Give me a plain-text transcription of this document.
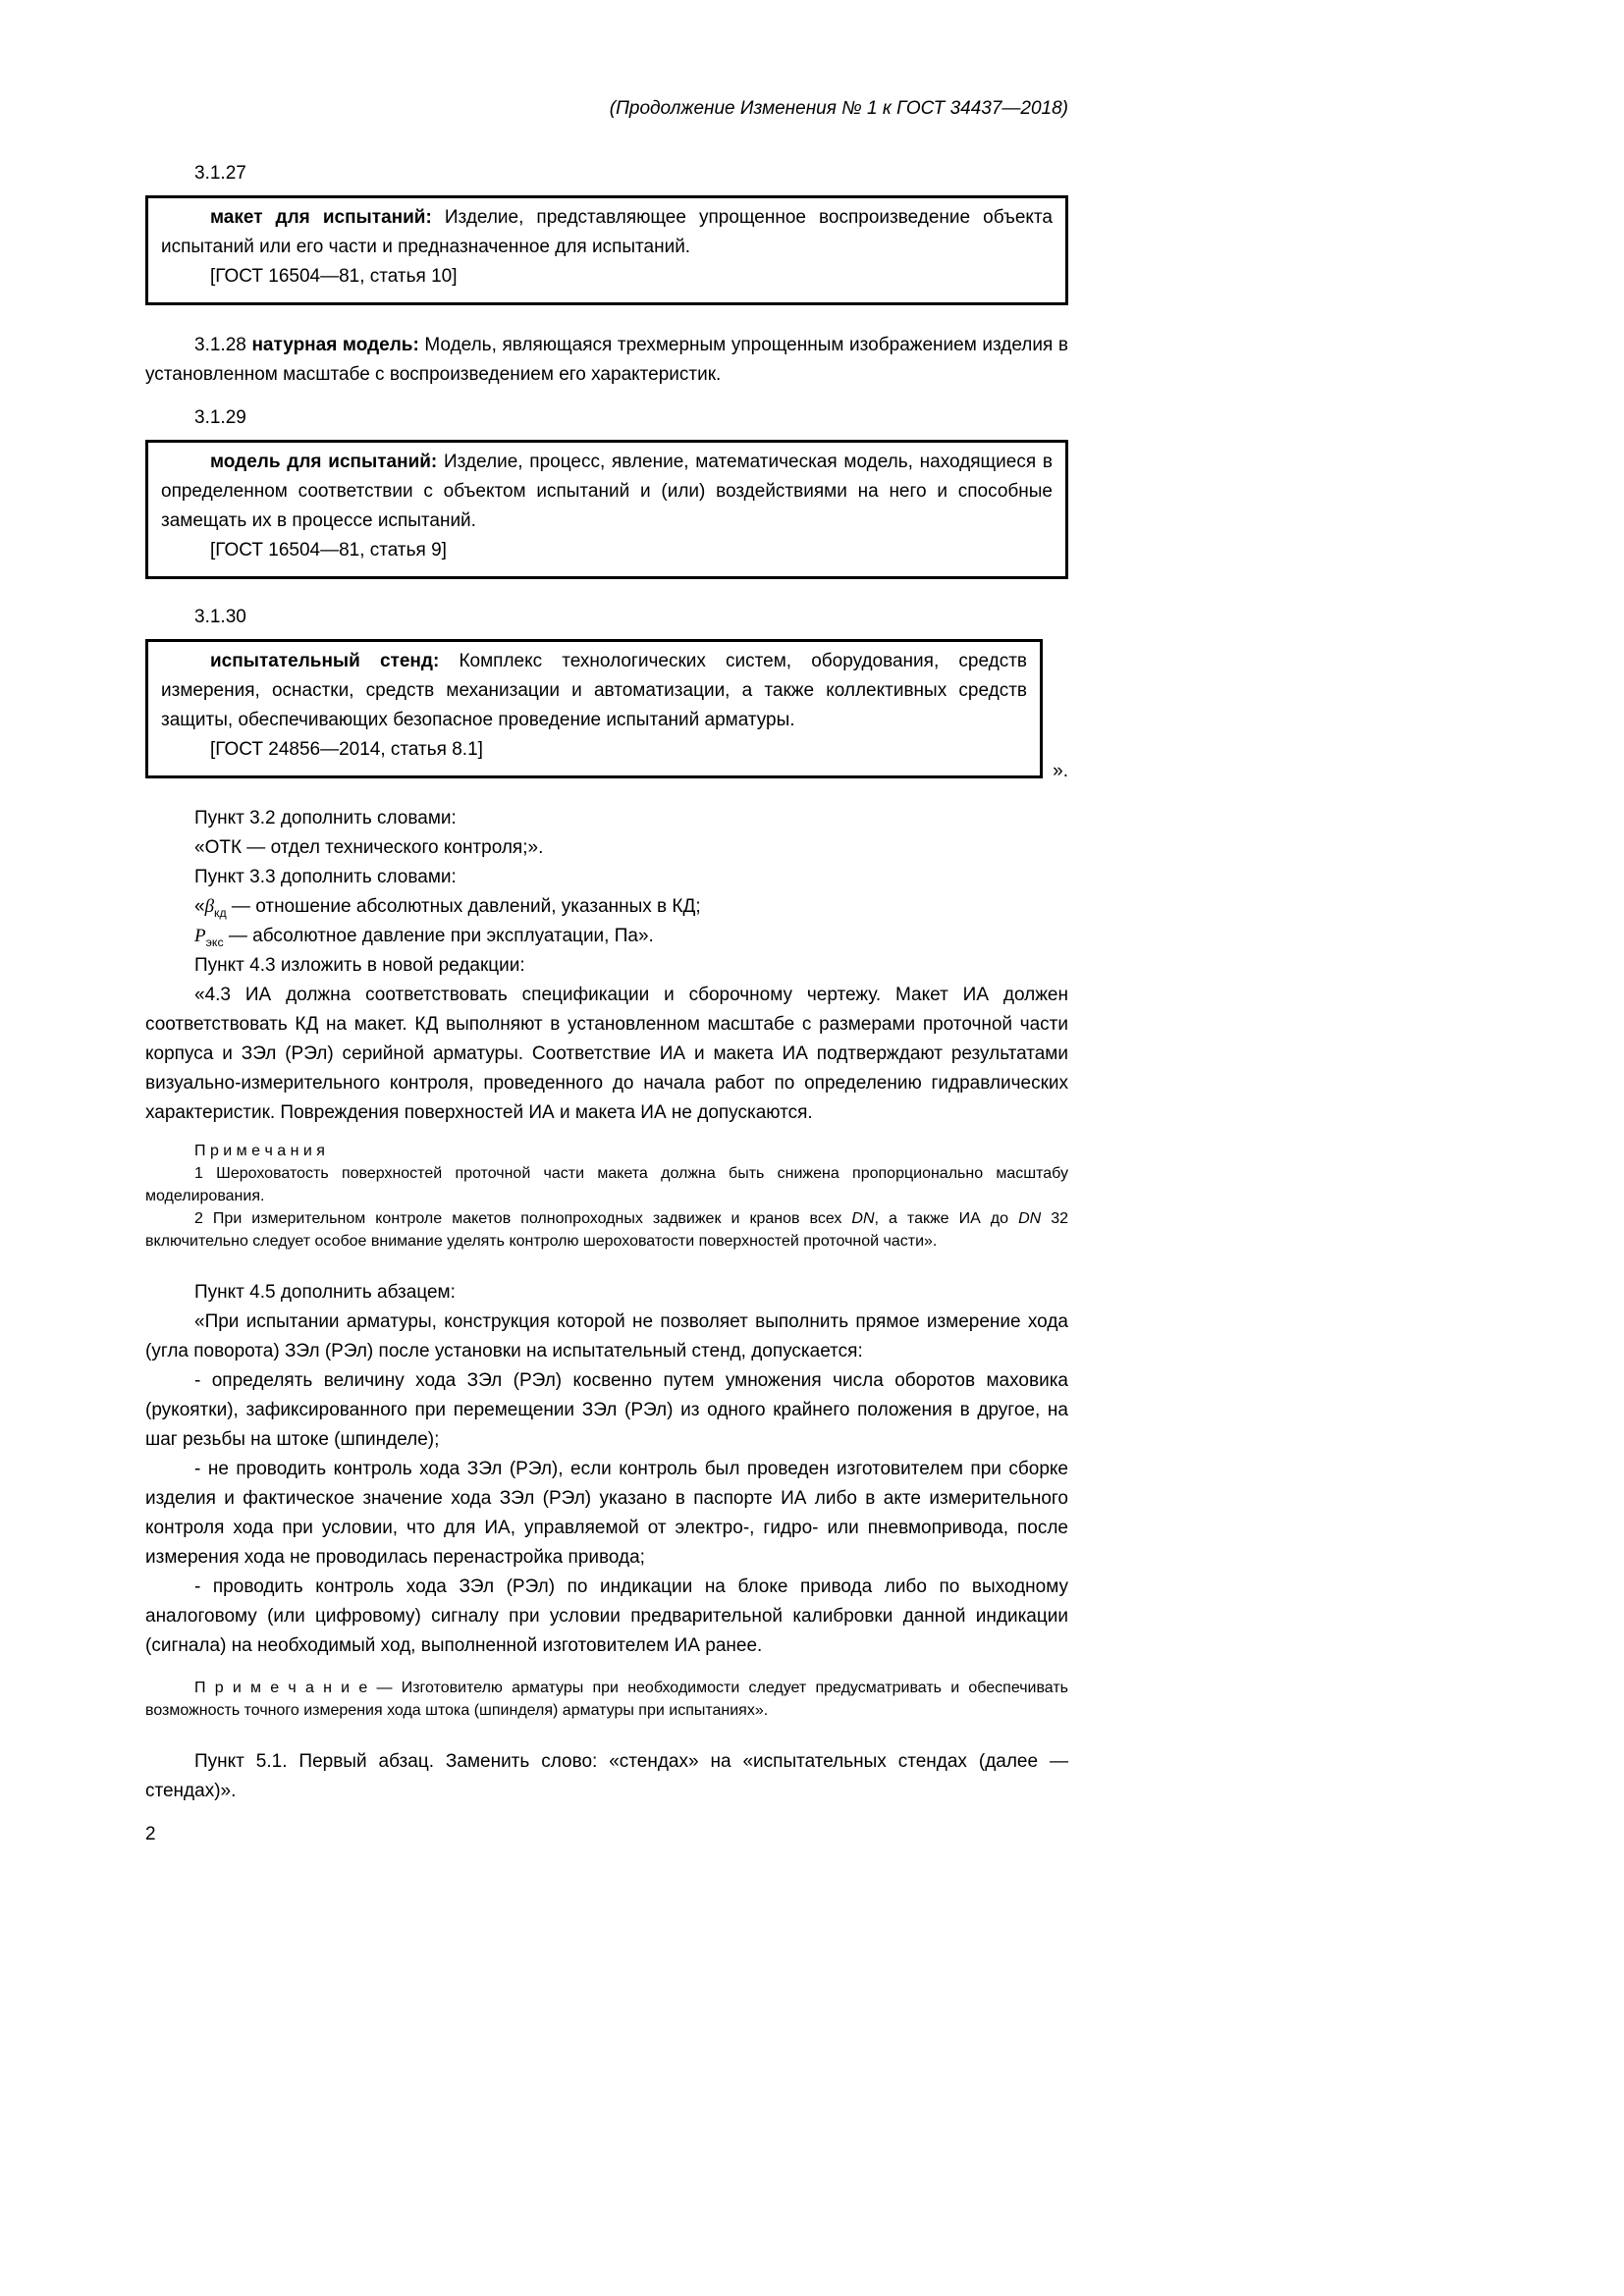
(Продолжение Изменения № 1 к ГОСТ 34437—2018)

3.1.27

макет для испытаний: Изделие, представляющее упрощенное воспроизведение объекта испытаний или его части и предназначенное для испытаний.

[ГОСТ 16504—81, статья 10]

3.1.28 натурная модель: Модель, являющаяся трехмерным упрощенным изображением изделия в установленном масштабе с воспроизведением его характеристик.

3.1.29

модель для испытаний: Изделие, процесс, явление, математическая модель, находящиеся в определенном соответствии с объектом испытаний и (или) воздействиями на него и способные замещать их в процессе испытаний.

[ГОСТ 16504—81, статья 9]

3.1.30

испытательный стенд: Комплекс технологических систем, оборудования, средств измерения, оснастки, средств механизации и автоматизации, а также коллективных средств защиты, обеспечивающих безопасное проведение испытаний арматуры.

[ГОСТ 24856—2014, статья 8.1]

».

Пункт 3.2 дополнить словами:

«ОТК — отдел технического контроля;».

Пункт 3.3 дополнить словами:

«$\beta_{кд}$ — отношение абсолютных давлений, указанных в КД;

$Р_{экс}$ — абсолютное давление при эксплуатации, Па».

Пункт 4.3 изложить в новой редакции:

«4.3 ИА должна соответствовать спецификации и сборочному чертежу. Макет ИА должен соответствовать КД на макет. КД выполняют в установленном масштабе с размерами проточной части корпуса и ЗЭл (РЭл) серийной арматуры. Соответствие ИА и макета ИА подтверждают результатами визуально-измерительного контроля, проведенного до начала работ по определению гидравлических характеристик. Повреждения поверхностей ИА и макета ИА не допускаются.

П р и м е ч а н и я

1 Шероховатость поверхностей проточной части макета должна быть снижена пропорционально масштабу моделирования.

2 При измерительном контроле макетов полнопроходных задвижек и кранов всех DN, а также ИА до DN 32 включительно следует особое внимание уделять контролю шероховатости поверхностей проточной части».

Пункт 4.5 дополнить абзацем:

«При испытании арматуры, конструкция которой не позволяет выполнить прямое измерение хода (угла поворота) ЗЭл (РЭл) после установки на испытательный стенд, допускается:

- определять величину хода ЗЭл (РЭл) косвенно путем умножения числа оборотов маховика (рукоятки), зафиксированного при перемещении ЗЭл (РЭл) из одного крайнего положения в другое, на шаг резьбы на штоке (шпинделе);

- не проводить контроль хода ЗЭл (РЭл), если контроль был проведен изготовителем при сборке изделия и фактическое значение хода ЗЭл (РЭл) указано в паспорте ИА либо в акте измерительного контроля хода при условии, что для ИА, управляемой от электро-, гидро- или пневмопривода, после измерения хода не проводилась перенастройка привода;

- проводить контроль хода ЗЭл (РЭл) по индикации на блоке привода либо по выходному аналоговому (или цифровому) сигналу при условии предварительной калибровки данной индикации (сигнала) на необходимый ход, выполненной изготовителем ИА ранее.

П р и м е ч а н и е — Изготовителю арматуры при необходимости следует предусматривать и обеспечивать возможность точного измерения хода штока (шпинделя) арматуры при испытаниях».

Пункт 5.1. Первый абзац. Заменить слово: «стендах» на «испытательных стендах (далее — стендах)».

2
